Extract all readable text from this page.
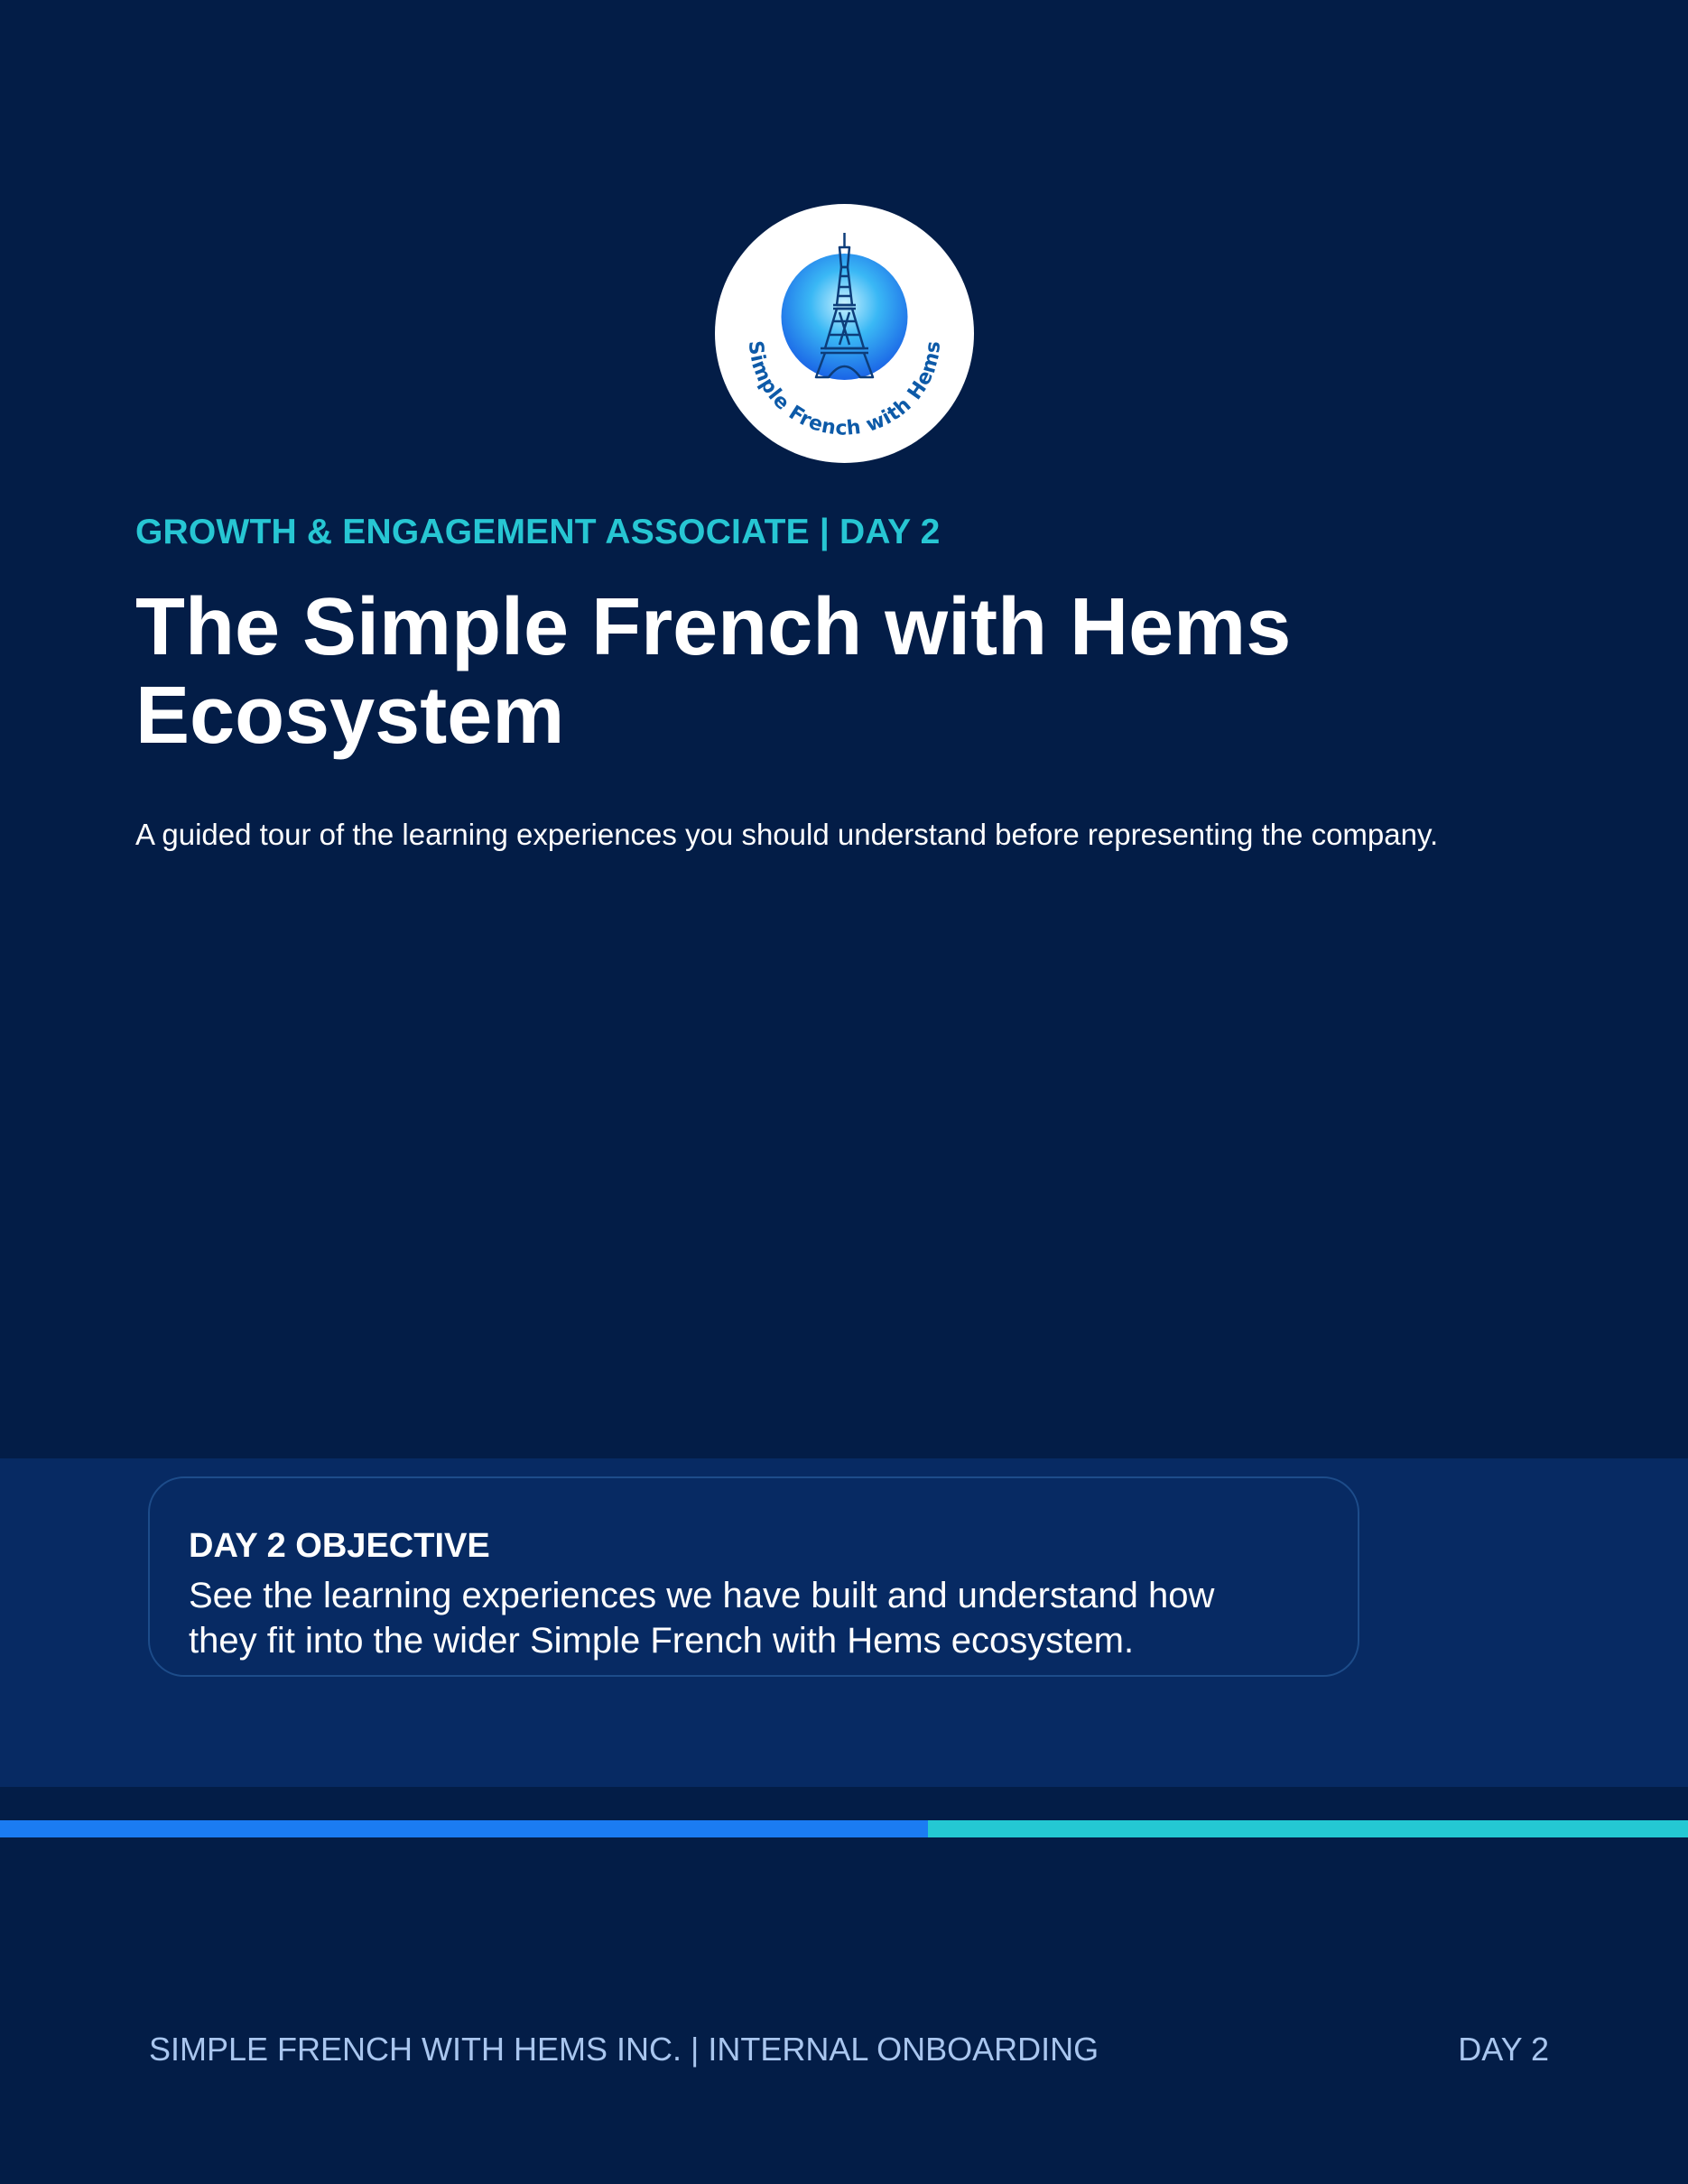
Simple French with Hems
GROWTH & ENGAGEMENT ASSOCIATE | DAY 2
The Simple French with Hems Ecosystem
A guided tour of the learning experiences you should understand before representing the company.
DAY 2 OBJECTIVE
See the learning experiences we have built and understand how they fit into the wider Simple French with Hems ecosystem.
SIMPLE FRENCH WITH HEMS INC. | INTERNAL ONBOARDING	DAY 2
